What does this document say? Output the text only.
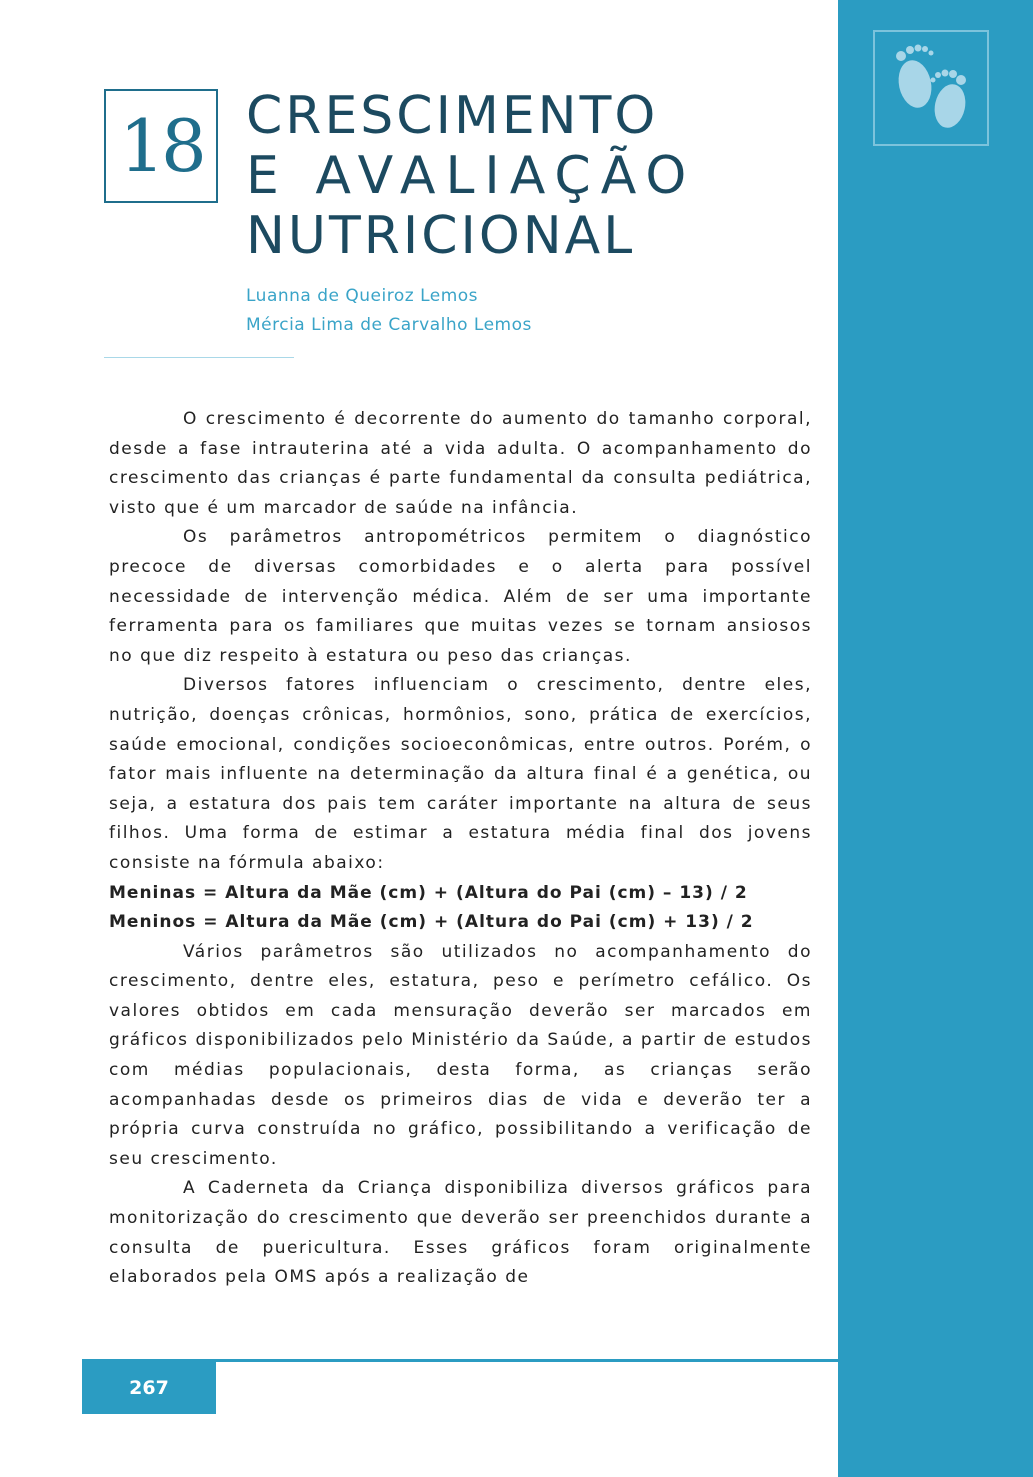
18 CRESCIMENTO
E AVALIAÇÃO
NUTRICIONAL
Luanna de Queiroz Lemos
Mércia Lima de Carvalho Lemos

O crescimento é decorrente do aumento do tamanho corporal, desde a fase intrauterina até a vida adulta. O acompanhamento do crescimento das crianças é parte fundamental da consulta pediátrica, visto que é um marcador de saúde na infância.

Os parâmetros antropométricos permitem o diagnóstico precoce de diversas comorbidades e o alerta para possível necessidade de intervenção médica. Além de ser uma importante ferramenta para os familiares que muitas vezes se tornam ansiosos no que diz respeito à estatura ou peso das crianças.

Diversos fatores influenciam o crescimento, dentre eles, nutrição, doenças crônicas, hormônios, sono, prática de exercícios, saúde emocional, condições socioeconômicas, entre outros. Porém, o fator mais influente na determinação da altura final é a genética, ou seja, a estatura dos pais tem caráter importante na altura de seus filhos. Uma forma de estimar a estatura média final dos jovens consiste na fórmula abaixo:

Meninas = Altura da Mãe (cm) + (Altura do Pai (cm) – 13) / 2

Meninos = Altura da Mãe (cm) + (Altura do Pai (cm) + 13) / 2

Vários parâmetros são utilizados no acompanhamento do crescimento, dentre eles, estatura, peso e perímetro cefálico. Os valores obtidos em cada mensuração deverão ser marcados em gráficos disponibilizados pelo Ministério da Saúde, a partir de estudos com médias populacionais, desta forma, as crianças serão acompanhadas desde os primeiros dias de vida e deverão ter a própria curva construída no gráfico, possibilitando a verificação de seu crescimento.

A Caderneta da Criança disponibiliza diversos gráficos para monitorização do crescimento que deverão ser preenchidos durante a consulta de puericultura. Esses gráficos foram originalmente elaborados pela OMS após a realização de

267
